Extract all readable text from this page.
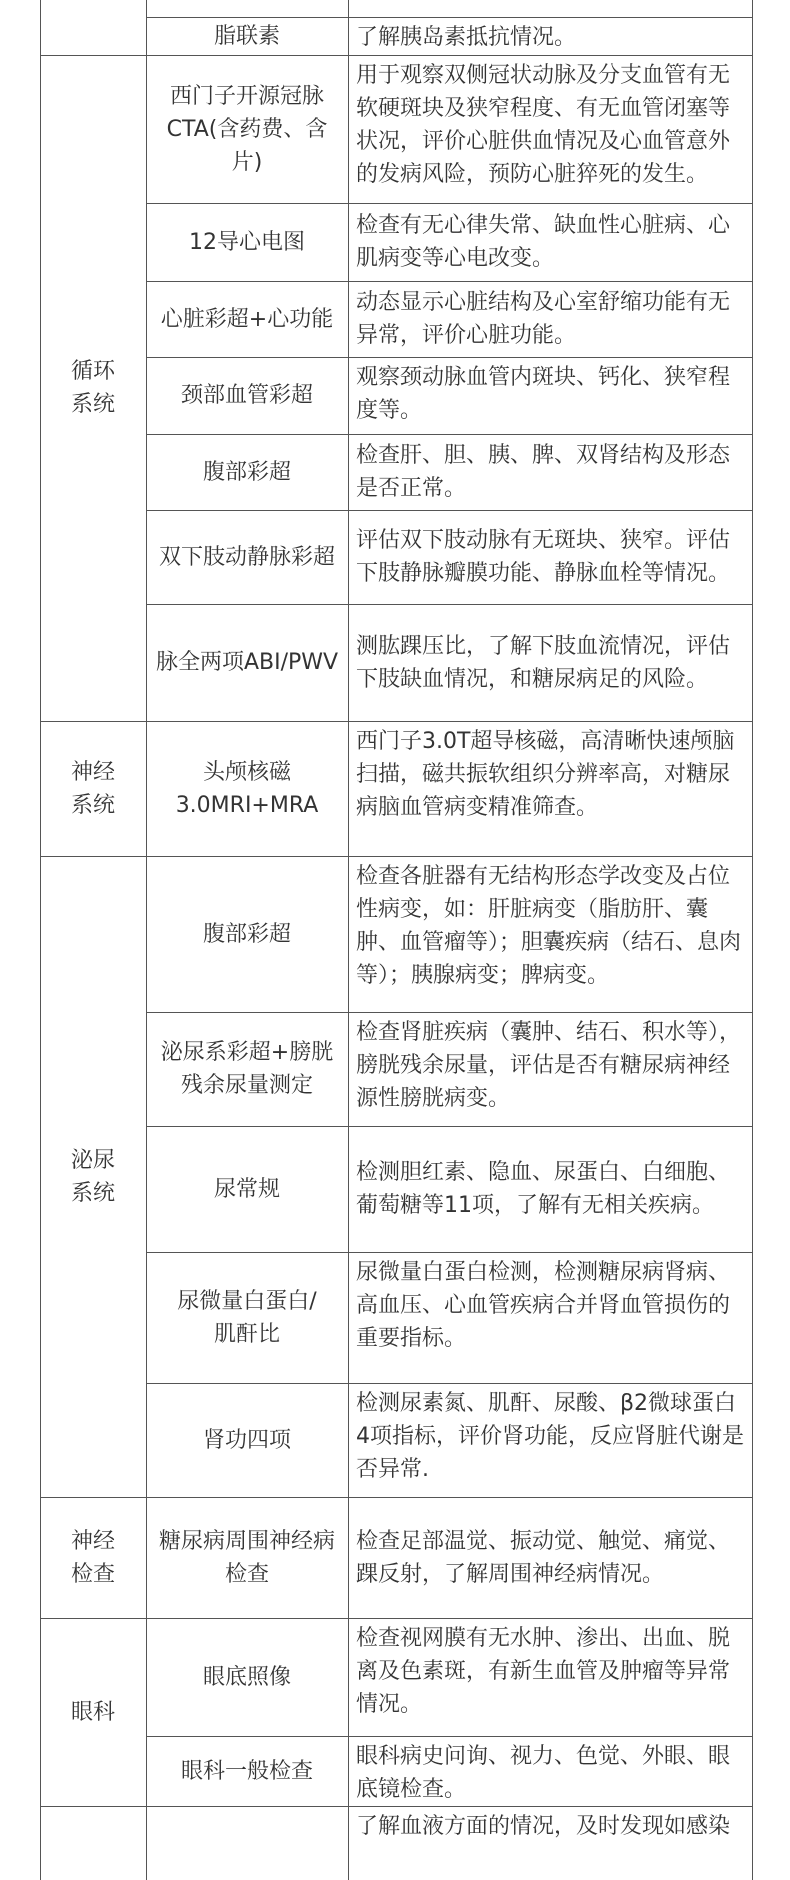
循环
系统
神经
系统
泌尿
系统
神经
检查
眼科
脂联素	了解胰岛素抵抗情况。
西门子开源冠脉
CTA(含药费、含
片)
用于观察双侧冠状动脉及分支血管有无软硬斑块及狭窄程度、有无血管闭塞等状况，评价心脏供血情况及心血管意外的发病风险，预防心脏猝死的发生。
12导心电图
检查有无心律失常、缺血性心脏病、心肌病变等心电改变。
心脏彩超+心功能
动态显示心脏结构及心室舒缩功能有无异常，评价心脏功能。
颈部血管彩超
观察颈动脉血管内斑块、钙化、狭窄程度等。
腹部彩超
检查肝、胆、胰、脾、双肾结构及形态是否正常。
双下肢动静脉彩超
评估双下肢动脉有无斑块、狭窄。评估下肢静脉瓣膜功能、静脉血栓等情况。
脉全两项ABI/PWV
测肱踝压比，了解下肢血流情况，评估下肢缺血情况，和糖尿病足的风险。
头颅核磁
3.0MRI+MRA
西门子3.0T超导核磁，高清晰快速颅脑扫描，磁共振软组织分辨率高，对糖尿病脑血管病变精准筛查。
腹部彩超
检查各脏器有无结构形态学改变及占位性病变，如：肝脏病变（脂肪肝、囊肿、血管瘤等）；胆囊疾病（结石、息肉等）；胰腺病变；脾病变。
泌尿系彩超+膀胱
残余尿量测定
检查肾脏疾病（囊肿、结石、积水等），膀胱残余尿量，评估是否有糖尿病神经源性膀胱病变。
尿常规
检测胆红素、隐血、尿蛋白、白细胞、葡萄糖等11项，了解有无相关疾病。
尿微量白蛋白/
肌酐比
尿微量白蛋白检测，检测糖尿病肾病、高血压、心血管疾病合并肾血管损伤的重要指标。
肾功四项
检测尿素氮、肌酐、尿酸、β2微球蛋白4项指标，评价肾功能，反应肾脏代谢是否异常.
糖尿病周围神经病
检查
检查足部温觉、振动觉、触觉、痛觉、踝反射，了解周围神经病情况。
眼底照像
检查视网膜有无水肿、渗出、出血、脱离及色素斑，有新生血管及肿瘤等异常情况。
眼科一般检查
眼科病史问询、视力、色觉、外眼、眼底镜检查。
了解血液方面的情况，及时发现如感染
